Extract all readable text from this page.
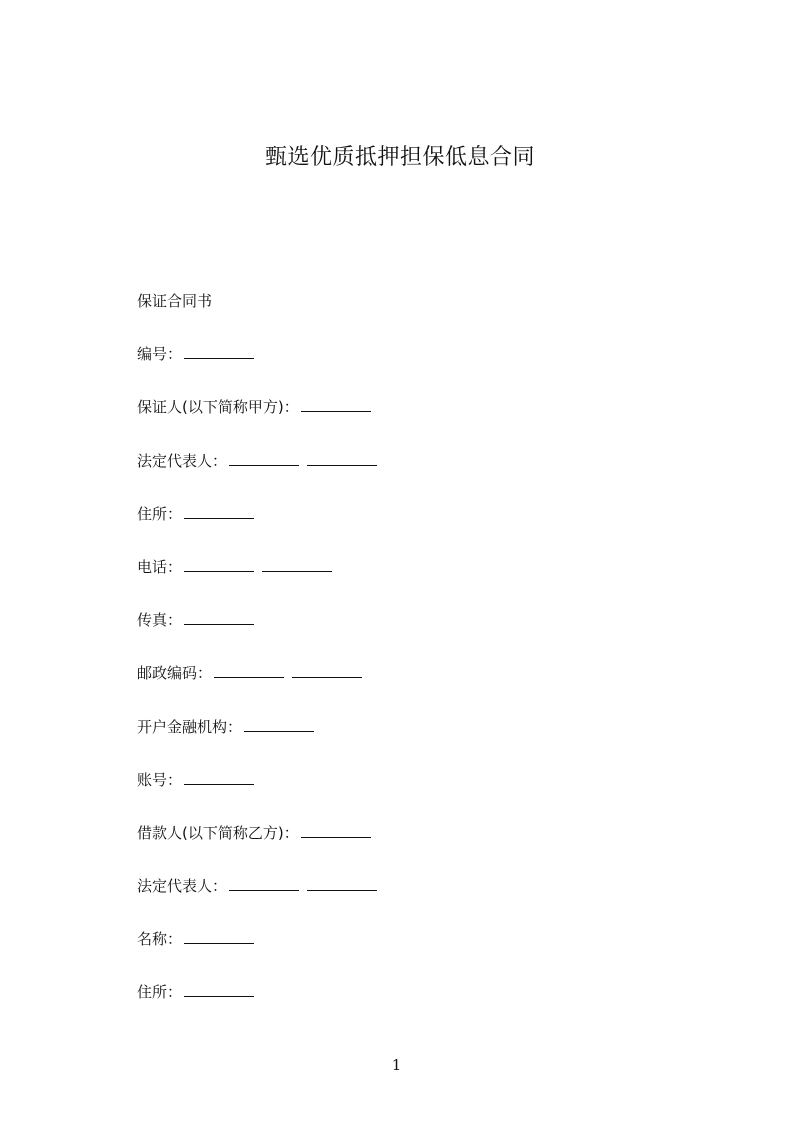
甄选优质抵押担保低息合同
保证合同书
编号：
保证人(以下简称甲方)：
法定代表人：
住所：
电话：
传真：
邮政编码：
开户金融机构：
账号：
借款人(以下简称乙方)：
法定代表人：
名称：
住所：
1
